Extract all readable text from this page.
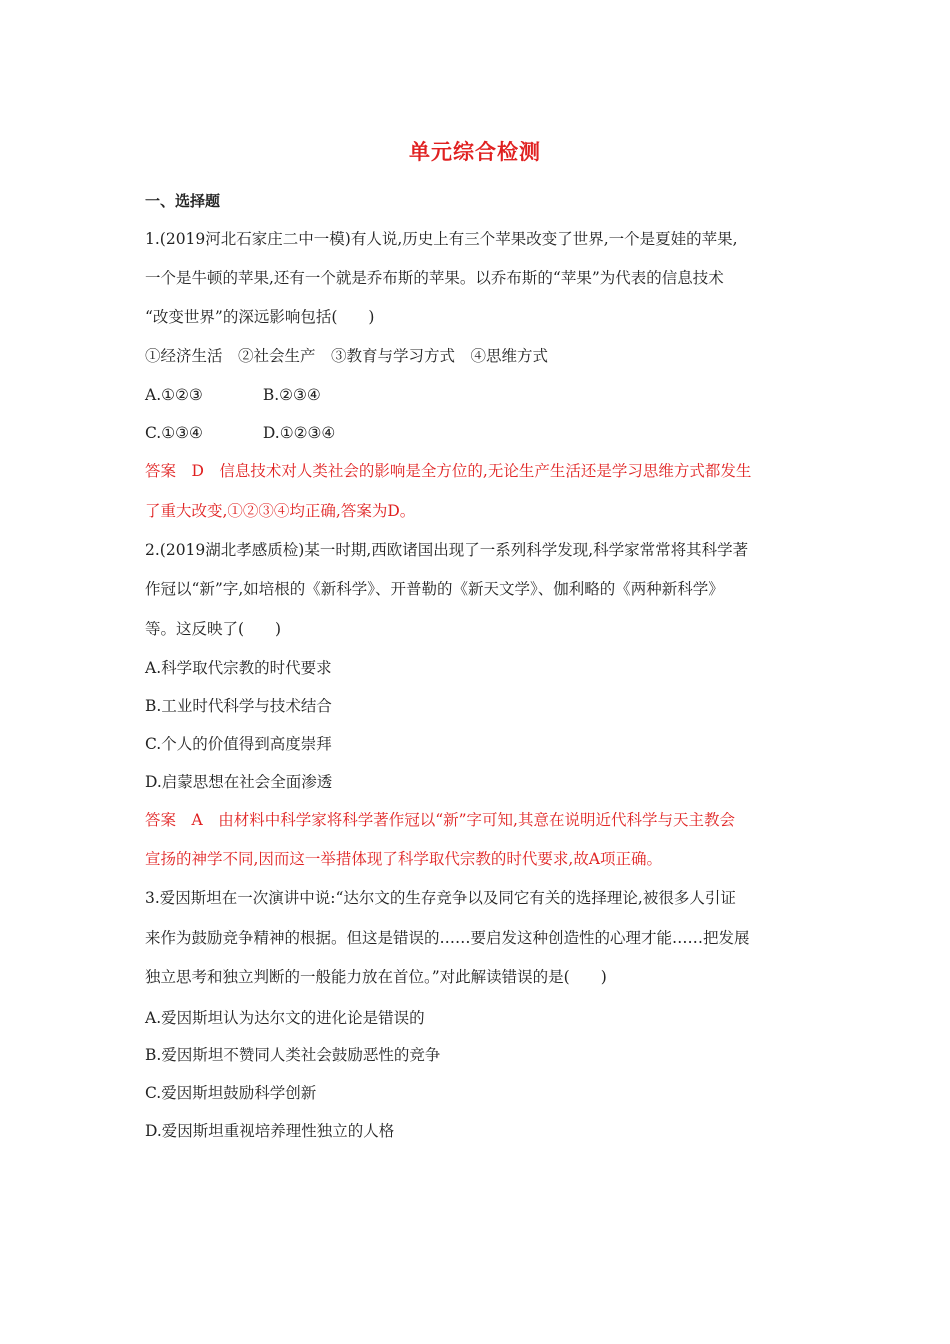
单元综合检测
一、选择题
1.(2019河北石家庄二中一模)有人说,历史上有三个苹果改变了世界,一个是夏娃的苹果,
一个是牛顿的苹果,还有一个就是乔布斯的苹果。以乔布斯的“苹果”为代表的信息技术
“改变世界”的深远影响包括(　　)
①经济生活　②社会生产　③教育与学习方式　④思维方式
A.①②③	B.②③④
C.①③④	D.①②③④
答案　D　信息技术对人类社会的影响是全方位的,无论生产生活还是学习思维方式都发生
了重大改变,①②③④均正确,答案为D。
2.(2019湖北孝感质检)某一时期,西欧诸国出现了一系列科学发现,科学家常常将其科学著
作冠以“新”字,如培根的《新科学》、开普勒的《新天文学》、伽利略的《两种新科学》
等。这反映了(　　)
A.科学取代宗教的时代要求
B.工业时代科学与技术结合
C.个人的价值得到高度崇拜
D.启蒙思想在社会全面渗透
答案　A　由材料中科学家将科学著作冠以“新”字可知,其意在说明近代科学与天主教会
宣扬的神学不同,因而这一举措体现了科学取代宗教的时代要求,故A项正确。
3.爱因斯坦在一次演讲中说:“达尔文的生存竞争以及同它有关的选择理论,被很多人引证
来作为鼓励竞争精神的根据。但这是错误的……要启发这种创造性的心理才能……把发展
独立思考和独立判断的一般能力放在首位。”对此解读错误的是(　　)
A.爱因斯坦认为达尔文的进化论是错误的
B.爱因斯坦不赞同人类社会鼓励恶性的竞争
C.爱因斯坦鼓励科学创新
D.爱因斯坦重视培养理性独立的人格
